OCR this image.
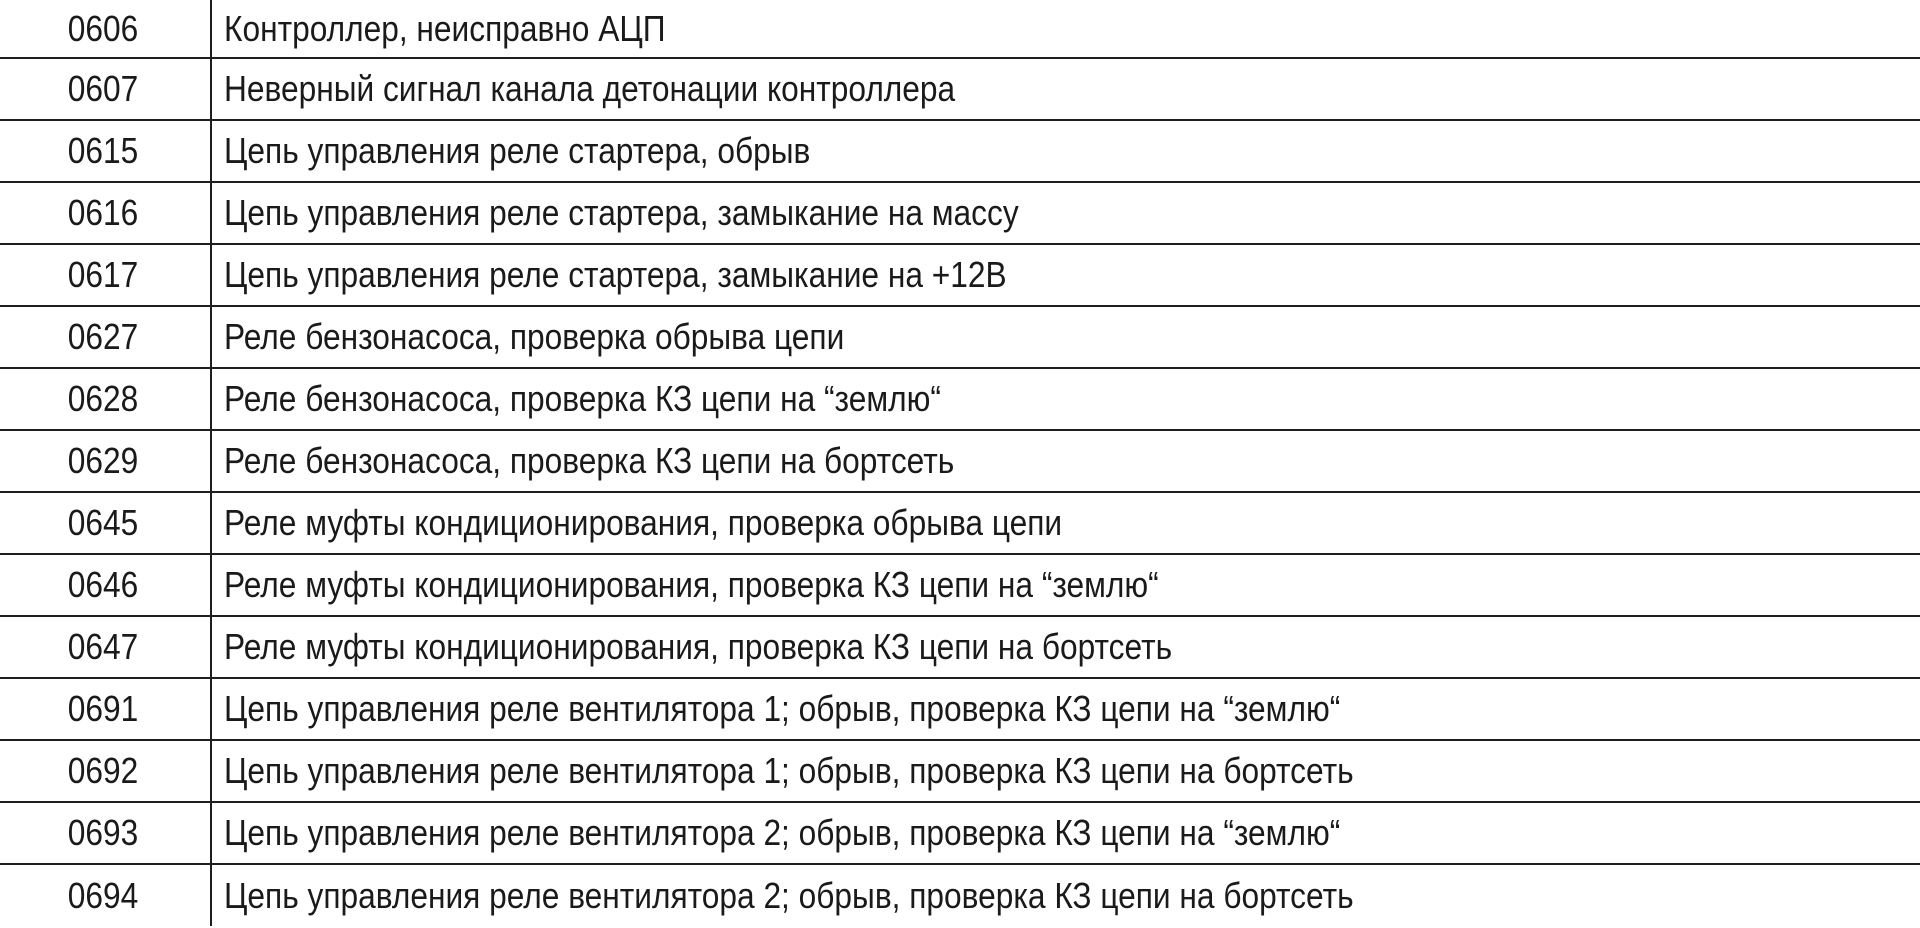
0606	Контроллер, неисправно АЦП
0607	Неверный сигнал канала детонации контроллера
0615	Цепь управления реле стартера, обрыв
0616	Цепь управления реле стартера, замыкание на массу
0617	Цепь управления реле стартера, замыкание на +12В
0627	Реле бензонасоса, проверка обрыва цепи
0628	Реле бензонасоса, проверка КЗ цепи на “землю“
0629	Реле бензонасоса, проверка КЗ цепи на бортсеть
0645	Реле муфты кондиционирования, проверка обрыва цепи
0646	Реле муфты кондиционирования, проверка КЗ цепи на “землю“
0647	Реле муфты кондиционирования, проверка КЗ цепи на бортсеть
0691	Цепь управления реле вентилятора 1; обрыв, проверка КЗ цепи на “землю“
0692	Цепь управления реле вентилятора 1; обрыв, проверка КЗ цепи на бортсеть
0693	Цепь управления реле вентилятора 2; обрыв, проверка КЗ цепи на “землю“
0694	Цепь управления реле вентилятора 2; обрыв, проверка КЗ цепи на бортсеть
